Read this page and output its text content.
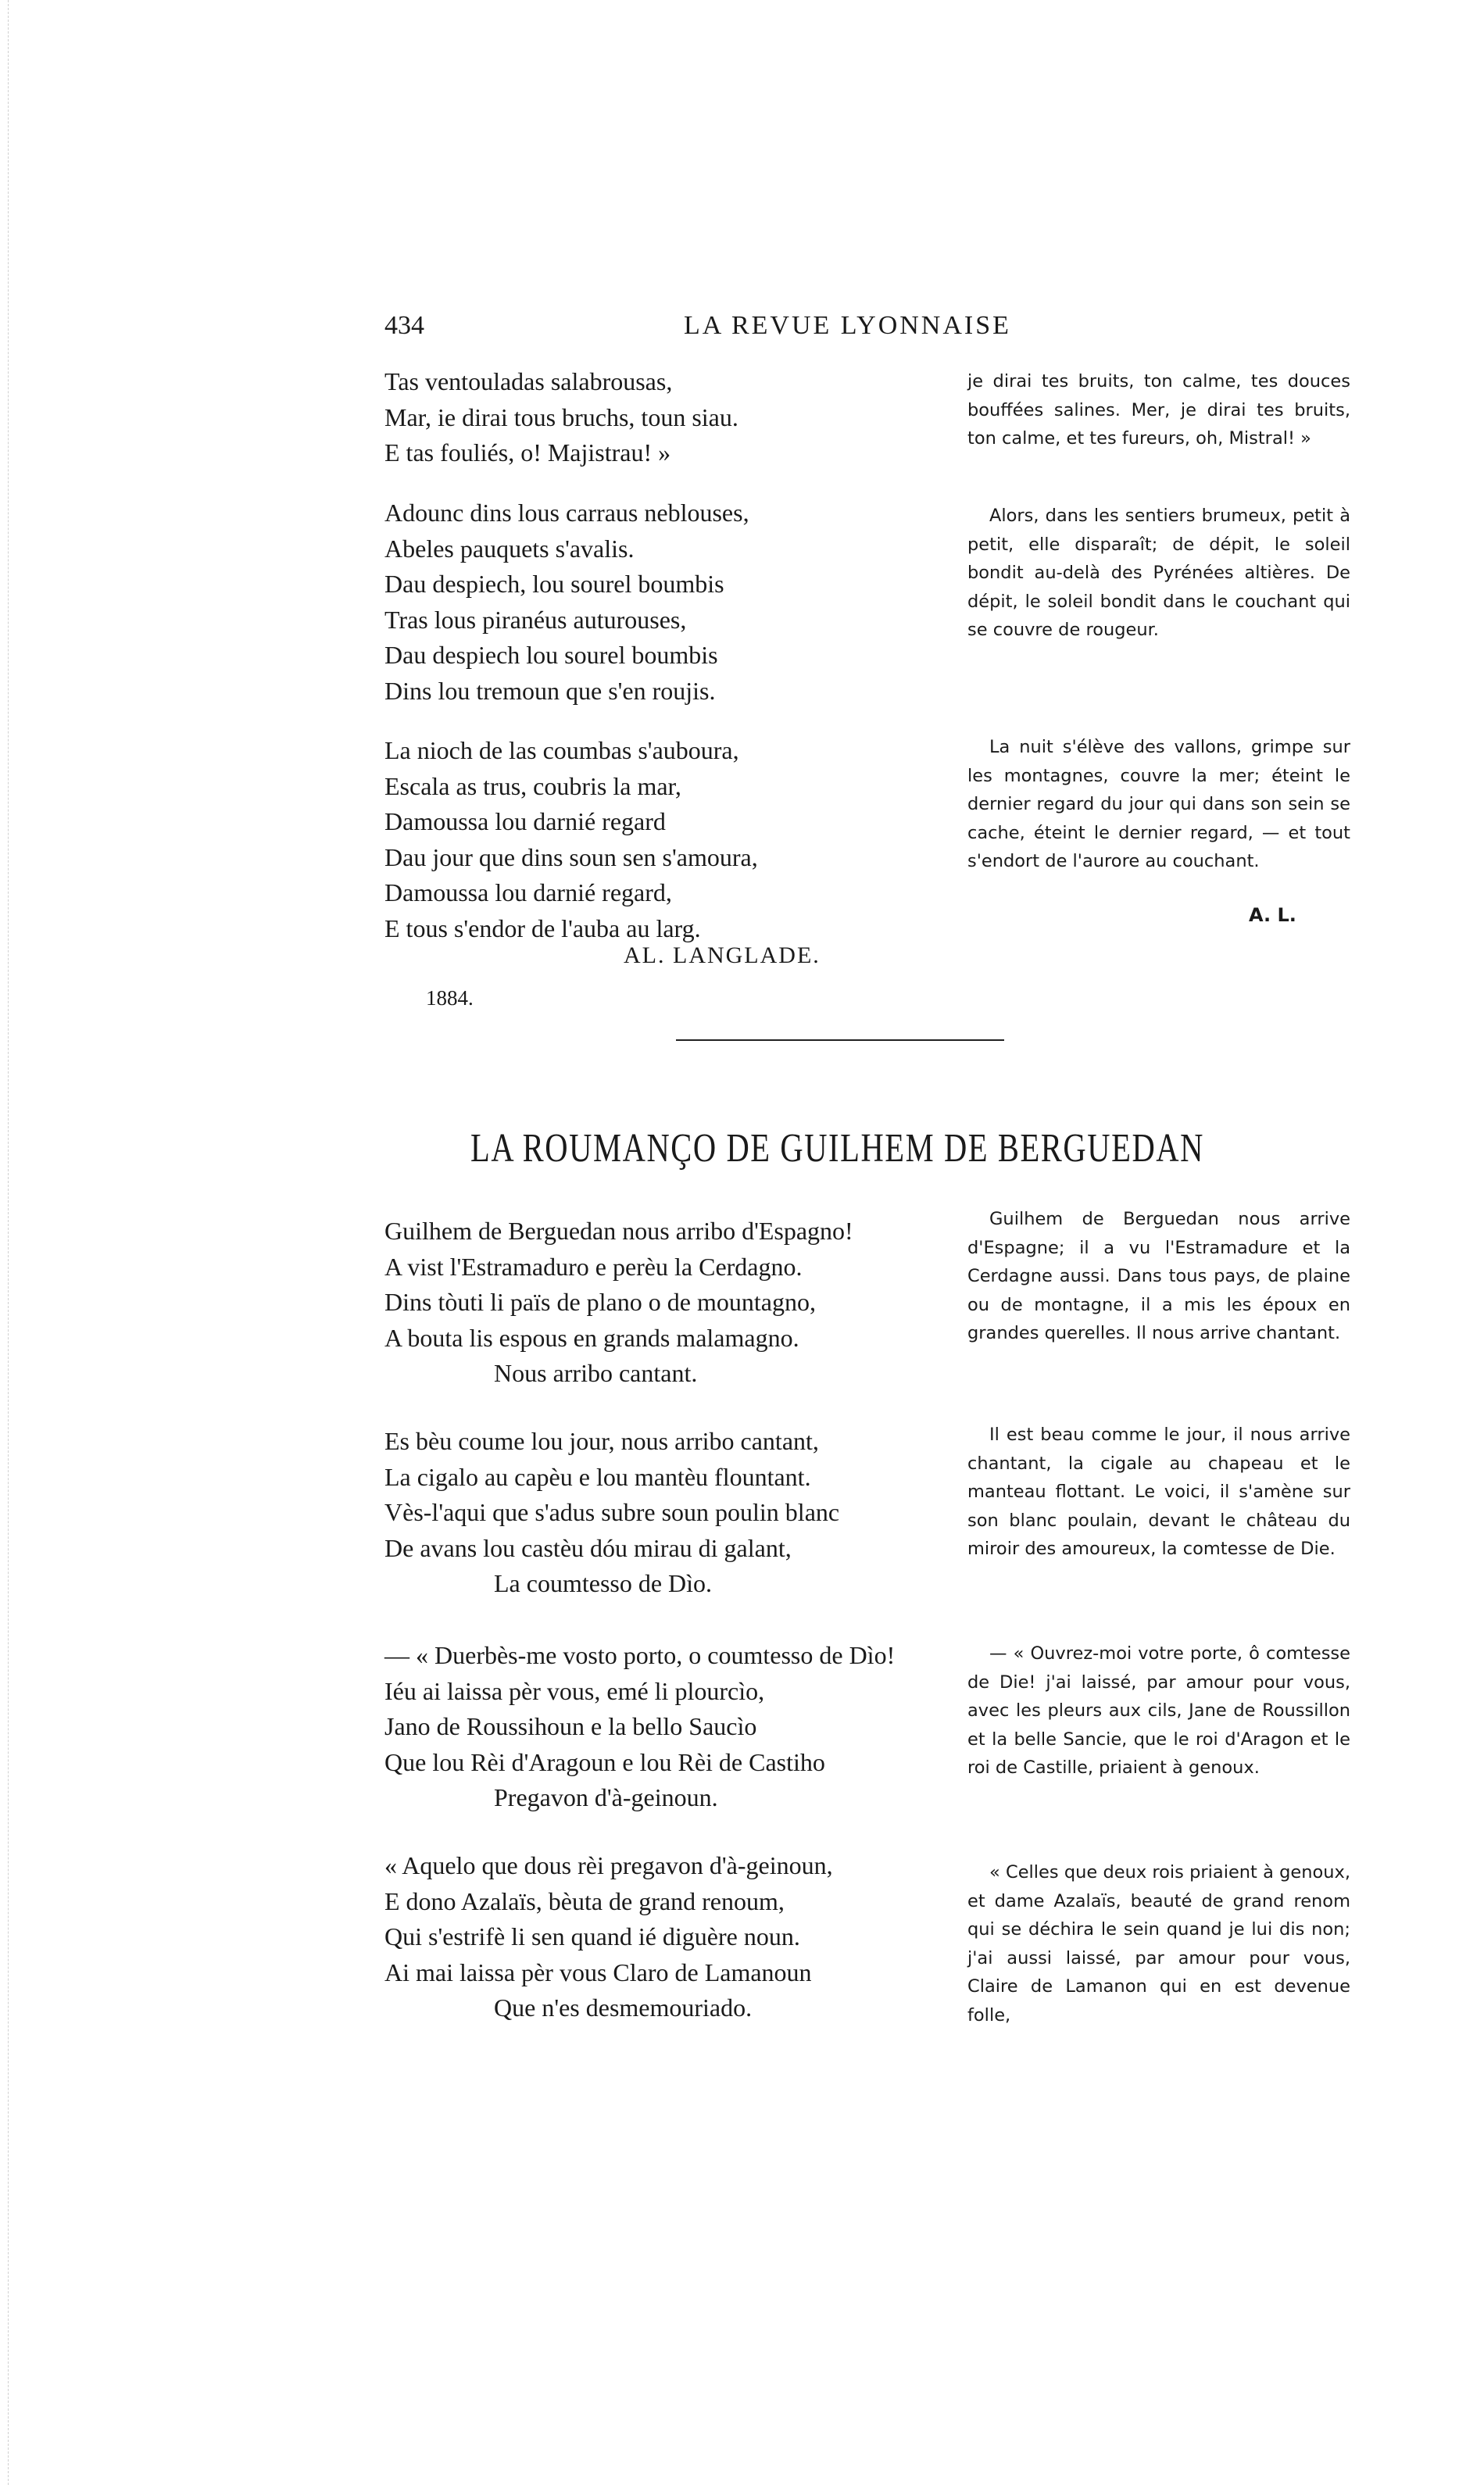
434	LA REVUE LYONNAISE
Tas ventouladas salabrousas,
Mar, ie dirai tous bruchs, toun siau.
E tas fouliés, o! Majistrau! »
Adounc dins lous carraus neblouses,
Abeles pauquets s'avalis.
Dau despiech, lou sourel boumbis
Tras lous piranéus auturouses,
Dau despiech lou sourel boumbis
Dins lou tremoun que s'en roujis.
La nioch de las coumbas s'auboura,
Escala as trus, coubris la mar,
Damoussa lou darnié regard
Dau jour que dins soun sen s'amoura,
Damoussa lou darnié regard,
E tous s'endor de l'auba au larg.
AL. LANGLADE.
1884.

je dirai tes bruits, ton calme, tes douces bouffées salines. Mer, je dirai tes bruits, ton calme, et tes fureurs, oh, Mistral! »

Alors, dans les sentiers brumeux, petit à petit, elle disparaît; de dépit, le soleil bondit au-delà des Pyrénées altières. De dépit, le soleil bondit dans le couchant qui se couvre de rougeur.

La nuit s'élève des vallons, grimpe sur les montagnes, couvre la mer; éteint le dernier regard du jour qui dans son sein se cache, éteint le dernier regard, — et tout s'endort de l'aurore au couchant.

A. L.
LA ROUMANÇO DE GUILHEM DE BERGUEDAN
Guilhem de Berguedan nous arribo d'Espagno!
A vist l'Estramaduro e perèu la Cerdagno.
Dins tòuti li païs de plano o de mountagno,
A bouta lis espous en grands malamagno.
Nous arribo cantant.
Es bèu coume lou jour, nous arribo cantant,
La cigalo au capèu e lou mantèu flountant.
Vès-l'aqui que s'adus subre soun poulin blanc
De avans lou castèu dóu mirau di galant,
La coumtesso de Dìo.
— « Duerbès-me vosto porto, o coumtesso de Dìo!
Iéu ai laissa pèr vous, emé li plourcìo,
Jano de Roussihoun e la bello Saucìo
Que lou Rèi d'Aragoun e lou Rèi de Castiho
Pregavon d'à-geinoun.
« Aquelo que dous rèi pregavon d'à-geinoun,
E dono Azalaïs, bèuta de grand renoum,
Qui s'estrifè li sen quand ié diguère noun.
Ai mai laissa pèr vous Claro de Lamanoun
Que n'es desmemouriado.

Guilhem de Berguedan nous arrive d'Espagne; il a vu l'Estramadure et la Cerdagne aussi. Dans tous pays, de plaine ou de montagne, il a mis les époux en grandes querelles. Il nous arrive chantant.

Il est beau comme le jour, il nous arrive chantant, la cigale au chapeau et le manteau flottant. Le voici, il s'amène sur son blanc poulain, devant le château du miroir des amoureux, la comtesse de Die.

— « Ouvrez-moi votre porte, ô comtesse de Die! j'ai laissé, par amour pour vous, avec les pleurs aux cils, Jane de Roussillon et la belle Sancie, que le roi d'Aragon et le roi de Castille, priaient à genoux.

« Celles que deux rois priaient à genoux, et dame Azalaïs, beauté de grand renom qui se déchira le sein quand je lui dis non; j'ai aussi laissé, par amour pour vous, Claire de Lamanon qui en est devenue folle,
